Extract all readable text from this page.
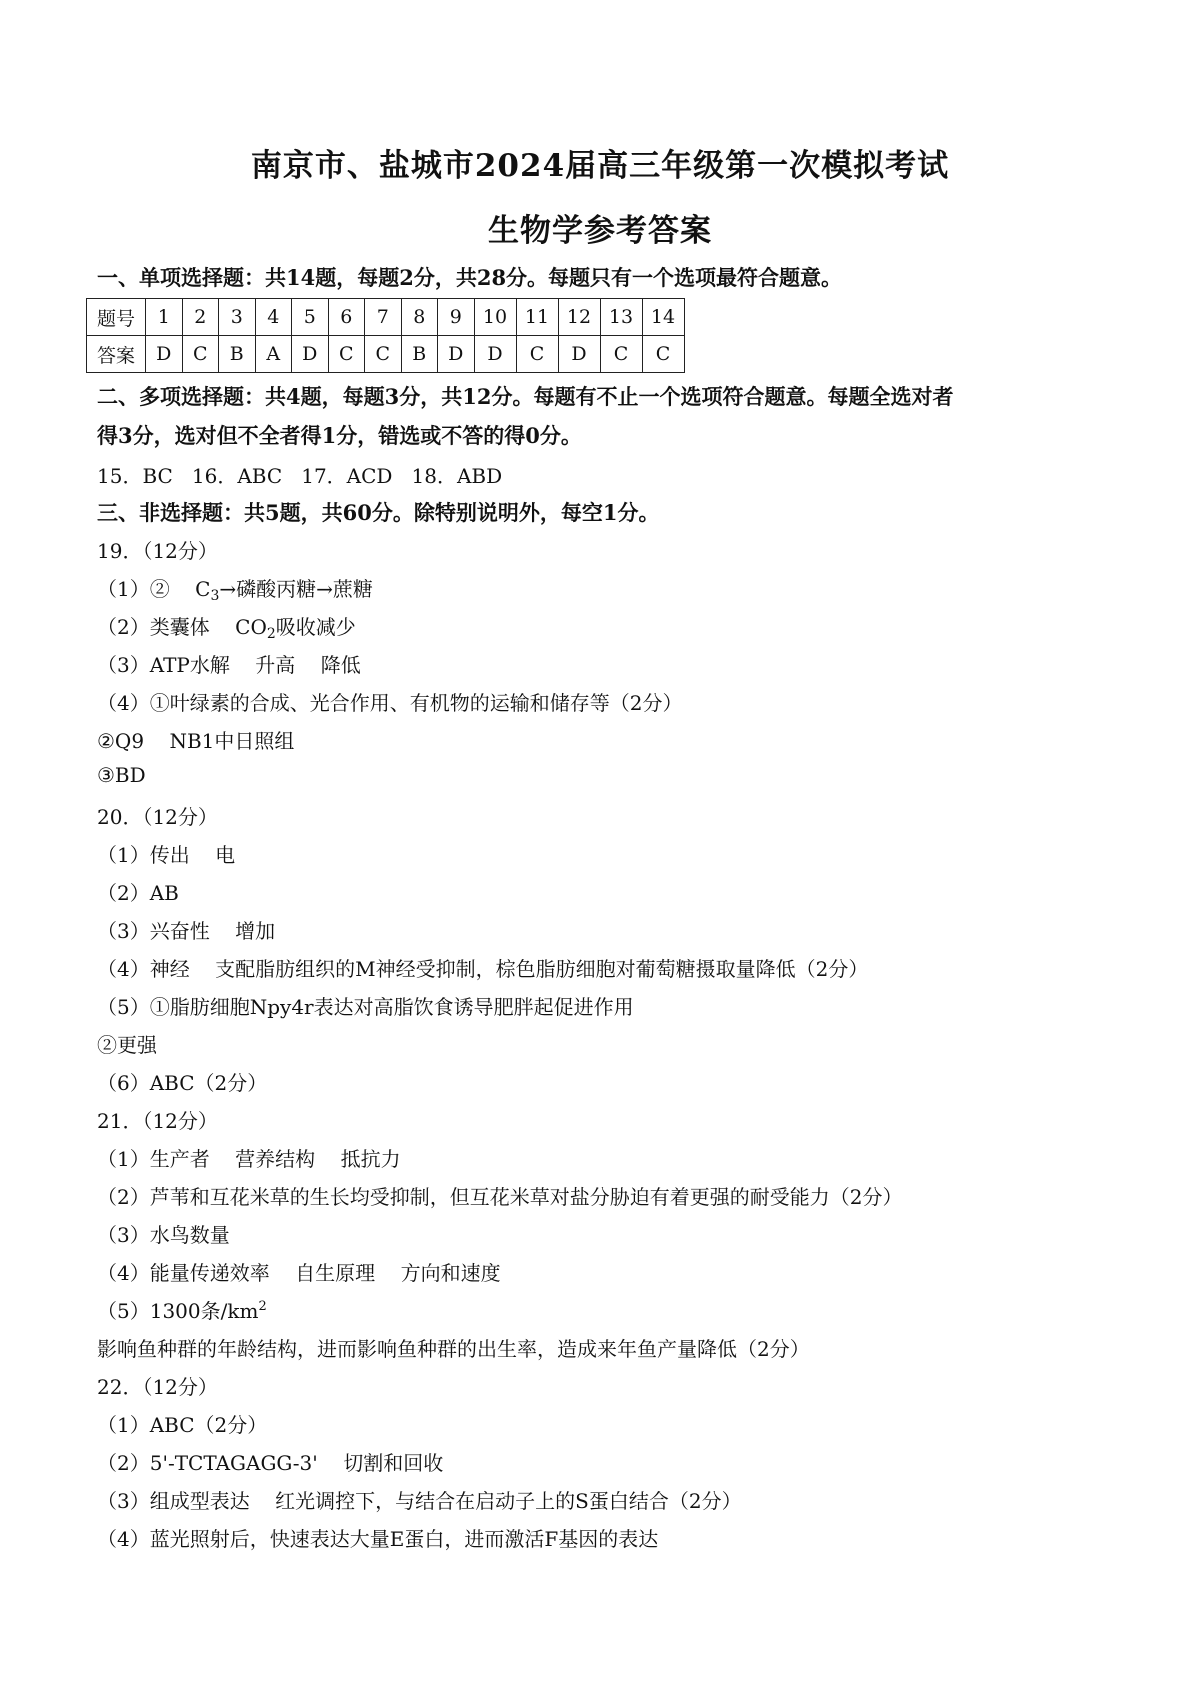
南京市、盐城市2024届高三年级第一次模拟考试
生物学参考答案
一、单项选择题：共14题，每题2分，共28分。每题只有一个选项最符合题意。
题号	1	2	3	4	5	6	7	8	9	10	11	12	13	14
答案	D	C	B	A	D	C	C	B	D	D	C	D	C	C
二、多项选择题：共4题，每题3分，共12分。每题有不止一个选项符合题意。每题全选对者
得3分，选对但不全者得1分，错选或不答的得0分。
15．BC   16．ABC   17．ACD   18．ABD
三、非选择题：共5题，共60分。除特别说明外，每空1分。
19．（12分）
（1）②    $C_3\to$磷酸丙糖→蔗糖
（2）类囊体    $CO_2$吸收减少
（3）ATP水解    升高    降低
（4）①叶绿素的合成、光合作用、有机物的运输和储存等（2分）
②Q9    NB1中日照组
③BD
20．（12分）
（1）传出    电
（2）AB
（3）兴奋性    增加
（4）神经    支配脂肪组织的M神经受抑制，棕色脂肪细胞对葡萄糖摄取量降低（2分）
（5）①脂肪细胞Npy4r表达对高脂饮食诱导肥胖起促进作用
②更强
（6）ABC（2分）
21．（12分）
（1）生产者    营养结构    抵抗力
（2）芦苇和互花米草的生长均受抑制，但互花米草对盐分胁迫有着更强的耐受能力（2分）
（3）水鸟数量
（4）能量传递效率    自生原理    方向和速度
（5）1300条$/km^2$
影响鱼种群的年龄结构，进而影响鱼种群的出生率，造成来年鱼产量降低（2分）
22．（12分）
（1）ABC（2分）
（2）5'-TCTAGAGG-3'    切割和回收
（3）组成型表达    红光调控下，与结合在启动子上的S蛋白结合（2分）
（4）蓝光照射后，快速表达大量E蛋白，进而激活F基因的表达
